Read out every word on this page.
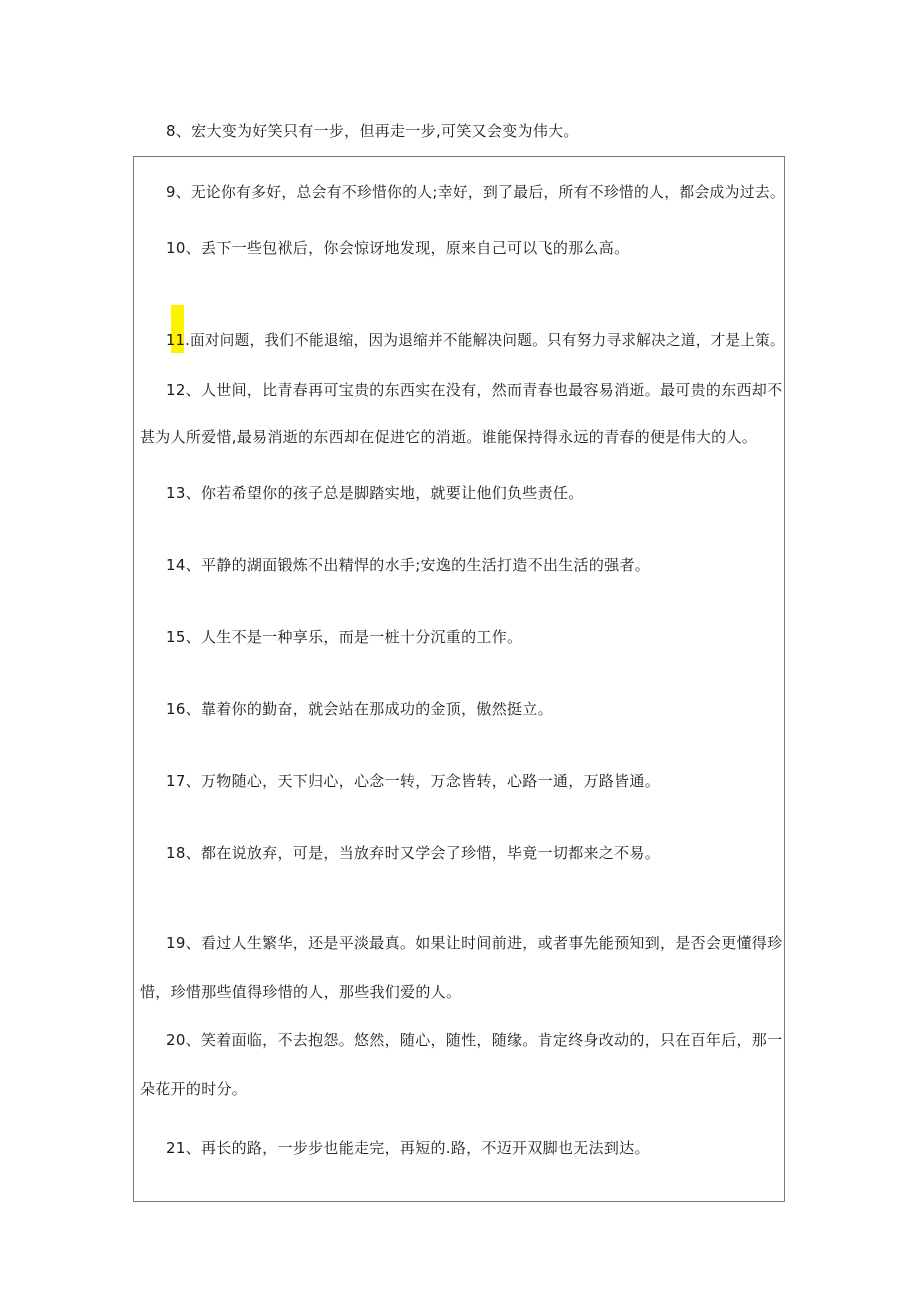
8、宏大变为好笑只有一步，但再走一步,可笑又会变为伟大。
9、无论你有多好，总会有不珍惜你的人;幸好，到了最后，所有不珍惜的人，都会成为过去。
10、丢下一些包袱后，你会惊讶地发现，原来自己可以飞的那么高。
11.面对问题，我们不能退缩，因为退缩并不能解决问题。只有努力寻求解决之道，才是上策。
12、人世间，比青春再可宝贵的东西实在没有，然而青春也最容易消逝。最可贵的东西却不
甚为人所爱惜,最易消逝的东西却在促进它的消逝。谁能保持得永远的青春的便是伟大的人。
13、你若希望你的孩子总是脚踏实地，就要让他们负些责任。
14、平静的湖面锻炼不出精悍的水手;安逸的生活打造不出生活的强者。
15、人生不是一种享乐，而是一桩十分沉重的工作。
16、靠着你的勤奋，就会站在那成功的金顶，傲然挺立。
17、万物随心，天下归心，心念一转，万念皆转，心路一通，万路皆通。
18、都在说放弃，可是，当放弃时又学会了珍惜，毕竟一切都来之不易。
19、看过人生繁华，还是平淡最真。如果让时间前进，或者事先能预知到，是否会更懂得珍
惜，珍惜那些值得珍惜的人，那些我们爱的人。
20、笑着面临，不去抱怨。悠然，随心，随性，随缘。肯定终身改动的，只在百年后，那一
朵花开的时分。
21、再长的路，一步步也能走完，再短的.路，不迈开双脚也无法到达。
